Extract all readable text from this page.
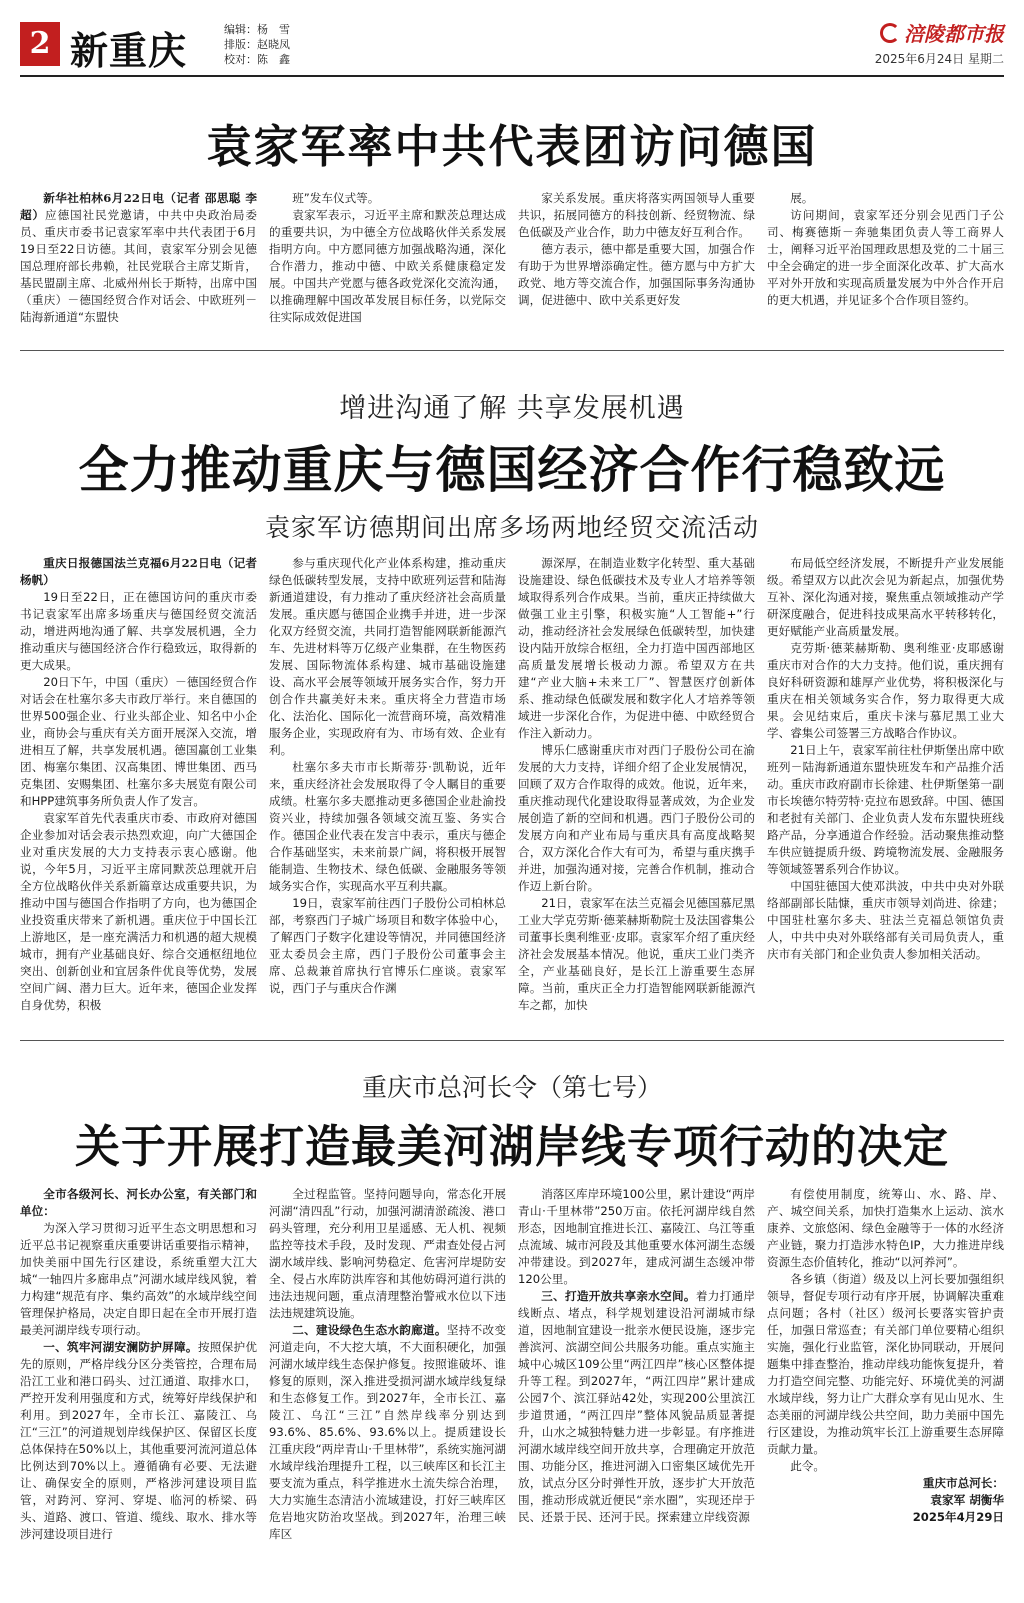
2 新重庆	编辑：杨　雪
排版：赵晓凤
校对：陈　鑫
涪陵都市报
2025年6月24日 星期二
袁家军率中共代表团访问德国

新华社柏林6月22日电（记者 邵思聪 李 超）应德国社民党邀请，中共中央政治局委员、重庆市委书记袁家军率中共代表团于6月19日至22日访德。其间，袁家军分别会见德国总理府部长弗赖，社民党联合主席艾斯肯，基民盟副主席、北威州州长于斯特，出席中国（重庆）－德国经贸合作对话会、中欧班列－陆海新通道“东盟快

班”发车仪式等。

袁家军表示，习近平主席和默茨总理达成的重要共识，为中德全方位战略伙伴关系发展指明方向。中方愿同德方加强战略沟通，深化合作潜力，推动中德、中欧关系健康稳定发展。中国共产党愿与德各政党深化交流沟通，以推确理解中国改革发展目标任务，以党际交往实际成效促进国

家关系发展。重庆将落实两国领导人重要共识，拓展同德方的科技创新、经贸物流、绿色低碳及产业合作，助力中德友好互利合作。

德方表示，德中都是重要大国，加强合作有助于为世界增添确定性。德方愿与中方扩大政党、地方等交流合作，加强国际事务沟通协调，促进德中、欧中关系更好发

展。

访问期间，袁家军还分别会见西门子公司、梅赛德斯－奔驰集团负责人等工商界人士，阐释习近平治国理政思想及党的二十届三中全会确定的进一步全面深化改革、扩大高水平对外开放和实现高质量发展为中外合作开启的更大机遇，并见证多个合作项目签约。

增进沟通了解 共享发展机遇
全力推动重庆与德国经济合作行稳致远
袁家军访德期间出席多场两地经贸交流活动

重庆日报德国法兰克福6月22日电（记者 杨帆）

19日至22日，正在德国访问的重庆市委书记袁家军出席多场重庆与德国经贸交流活动，增进两地沟通了解、共享发展机遇，全力推动重庆与德国经济合作行稳致远，取得新的更大成果。

20日下午，中国（重庆）－德国经贸合作对话会在杜塞尔多夫市政厅举行。来自德国的世界500强企业、行业头部企业、知名中小企业，商协会与重庆有关方面开展深入交流，增进相互了解，共享发展机遇。德国赢创工业集团、梅塞尔集团、汉高集团、博世集团、西马克集团、安赐集团、杜塞尔多夫展览有限公司和HPP建筑事务所负责人作了发言。

袁家军首先代表重庆市委、市政府对德国企业参加对话会表示热烈欢迎，向广大德国企业对重庆发展的大力支持表示衷心感谢。他说，今年5月，习近平主席同默茨总理就开启全方位战略伙伴关系新篇章达成重要共识，为推动中国与德国合作指明了方向，也为德国企业投资重庆带来了新机遇。重庆位于中国长江上游地区，是一座充满活力和机遇的超大规模城市，拥有产业基础良好、综合交通枢纽地位突出、创新创业和宜居条件优良等优势，发展空间广阔、潜力巨大。近年来，德国企业发挥自身优势，积极

参与重庆现代化产业体系构建，推动重庆绿色低碳转型发展，支持中欧班列运营和陆海新通道建设，有力推动了重庆经济社会高质量发展。重庆愿与德国企业携手并进，进一步深化双方经贸交流，共同打造智能网联新能源汽车、先进材料等万亿级产业集群，在生物医药发展、国际物流体系构建、城市基础设施建设、高水平会展等领域开展务实合作，努力开创合作共赢美好未来。重庆将全力营造市场化、法治化、国际化一流营商环境，高效精准服务企业，实现政府有为、市场有效、企业有利。

杜塞尔多夫市市长斯蒂芬·凯勒说，近年来，重庆经济社会发展取得了令人瞩目的重要成绩。杜塞尔多夫愿推动更多德国企业赴渝投资兴业，持续加强各领域交流互鉴、务实合作。德国企业代表在发言中表示，重庆与德企合作基础坚实，未来前景广阔，将积极开展智能制造、生物技术、绿色低碳、金融服务等领域务实合作，实现高水平互利共赢。

19日，袁家军前往西门子股份公司柏林总部，考察西门子城广场项目和数字体验中心，了解西门子数字化建设等情况，并同德国经济亚太委员会主席，西门子股份公司董事会主席、总裁兼首席执行官博乐仁座谈。袁家军说，西门子与重庆合作渊

源深厚，在制造业数字化转型、重大基础设施建设、绿色低碳技术及专业人才培养等领域取得系列合作成果。当前，重庆正持续做大做强工业主引擎，积极实施“人工智能+”行动，推动经济社会发展绿色低碳转型，加快建设内陆开放综合枢纽，全力打造中国西部地区高质量发展增长极动力源。希望双方在共建“产业大脑+未来工厂”、智慧医疗创新体系、推动绿色低碳发展和数字化人才培养等领域进一步深化合作，为促进中德、中欧经贸合作注入新动力。

博乐仁感谢重庆市对西门子股份公司在渝发展的大力支持，详细介绍了企业发展情况，回顾了双方合作取得的成效。他说，近年来，重庆推动现代化建设取得显著成效，为企业发展创造了新的空间和机遇。西门子股份公司的发展方向和产业布局与重庆具有高度战略契合，双方深化合作大有可为，希望与重庆携手并进，加强沟通对接，完善合作机制，推动合作迈上新台阶。

21日，袁家军在法兰克福会见德国慕尼黑工业大学克劳斯·德莱赫斯勒院士及法国睿集公司董事长奥利维亚·皮耶。袁家军介绍了重庆经济社会发展基本情况。他说，重庆工业门类齐全，产业基础良好，是长江上游重要生态屏障。当前，重庆正全力打造智能网联新能源汽车之都，加快

布局低空经济发展，不断提升产业发展能级。希望双方以此次会见为新起点，加强优势互补、深化沟通对接，聚焦重点领域推动产学研深度融合，促进科技成果高水平转移转化，更好赋能产业高质量发展。

克劳斯·德莱赫斯勒、奥利维亚·皮耶感谢重庆市对合作的大力支持。他们说，重庆拥有良好科研资源和雄厚产业优势，将积极深化与重庆在相关领域务实合作，努力取得更大成果。会见结束后，重庆卡涞与慕尼黑工业大学、睿集公司签署三方战略合作协议。

21日上午，袁家军前往杜伊斯堡出席中欧班列－陆海新通道东盟快班发车和产品推介活动。重庆市政府副市长徐建、杜伊斯堡第一副市长埃德尔特劳特·克拉布恩致辞。中国、德国和老挝有关部门、企业负责人发布东盟快班线路产品，分享通道合作经验。活动聚焦推动整车供应链提质升级、跨境物流发展、金融服务等领域签署系列合作协议。

中国驻德国大使邓洪波，中共中央对外联络部副部长陆慷，重庆市领导刘尚进、徐建；中国驻杜塞尔多夫、驻法兰克福总领馆负责人，中共中央对外联络部有关司局负责人，重庆市有关部门和企业负责人参加相关活动。

重庆市总河长令（第七号）
关于开展打造最美河湖岸线专项行动的决定

全市各级河长、河长办公室，有关部门和单位：

为深入学习贯彻习近平生态文明思想和习近平总书记视察重庆重要讲话重要指示精神，加快美丽中国先行区建设，系统重塑大江大城“一轴四片多廊串点”河湖水域岸线风貌，着力构建“规范有序、集约高效”的水域岸线空间管理保护格局，决定自即日起在全市开展打造最美河湖岸线专项行动。

一、筑牢河湖安澜防护屏障。按照保护优先的原则，严格岸线分区分类管控，合理布局沿江工业和港口码头、过江通道、取排水口，严控开发利用强度和方式，统筹好岸线保护和利用。到2027年，全市长江、嘉陵江、乌江“三江”的河道规划岸线保护区、保留区长度总体保持在50%以上，其他重要河流河道总体比例达到70%以上。遵循确有必要、无法避让、确保安全的原则，严格涉河建设项目监管，对跨河、穿河、穿堤、临河的桥梁、码头、道路、渡口、管道、缆线、取水、排水等涉河建设项目进行

全过程监管。坚持问题导向，常态化开展河湖“清四乱”行动，加强河湖清淤疏浚、港口码头管理，充分利用卫星遥感、无人机、视频监控等技术手段，及时发现、严肃查处侵占河湖水域岸线、影响河势稳定、危害河岸堤防安全、侵占水库防洪库容和其他妨碍河道行洪的违法违规问题，重点清理整治警戒水位以下违法违规建筑设施。

二、建设绿色生态水韵廊道。坚持不改变河道走向，不大挖大填，不大面积硬化，加强河湖水域岸线生态保护修复。按照谁破坏、谁修复的原则，深入推进受损河湖水域岸线复绿和生态修复工作。到2027年，全市长江、嘉陵江、乌江“三江”自然岸线率分别达到93.6%、85.6%、93.6%以上。提质建设长江重庆段“两岸青山·千里林带”，系统实施河湖水域岸线治理提升工程，以三峡库区和长江主要支流为重点，科学推进水土流失综合治理，大力实施生态清洁小流域建设，打好三峡库区危岩地灾防治攻坚战。到2027年，治理三峡库区

消落区库岸环境100公里，累计建设“两岸青山·千里林带”250万亩。依托河湖岸线自然形态，因地制宜推进长江、嘉陵江、乌江等重点流域、城市河段及其他重要水体河湖生态缓冲带建设。到2027年，建成河湖生态缓冲带120公里。

三、打造开放共享亲水空间。着力打通岸线断点、堵点，科学规划建设沿河湖城市绿道，因地制宜建设一批亲水便民设施，逐步完善滨河、滨湖空间公共服务功能。重点实施主城中心城区109公里“两江四岸”核心区整体提升等工程。到2027年，“两江四岸”累计建成公园7个、滨江驿站42处，实现200公里滨江步道贯通，“两江四岸”整体风貌品质显著提升，山水之城独特魅力进一步彰显。有序推进河湖水域岸线空间开放共享，合理确定开放范围、功能分区，推进河湖入口密集区域优先开放，试点分区分时弹性开放，逐步扩大开放范围，推动形成就近便民“亲水圈”，实现还岸于民、还景于民、还河于民。探索建立岸线资源

有偿使用制度，统筹山、水、路、岸、产、城空间关系，加快打造集水上运动、滨水康养、文旅悠闲、绿色金融等于一体的水经济产业链，聚力打造涉水特色IP，大力推进岸线资源生态价值转化，推动“以河养河”。

各乡镇（街道）级及以上河长要加强组织领导，督促专项行动有序开展，协调解决重难点问题；各村（社区）级河长要落实管护责任，加强日常巡查；有关部门单位要精心组织实施，强化行业监管，深化协同联动，开展问题集中排查整治，推动岸线功能恢复提升，着力打造空间完整、功能完好、环境优美的河湖水域岸线，努力让广大群众享有见山见水、生态美丽的河湖岸线公共空间，助力美丽中国先行区建设，为推动筑牢长江上游重要生态屏障贡献力量。

此令。

重庆市总河长：

袁家军 胡衡华

2025年4月29日
